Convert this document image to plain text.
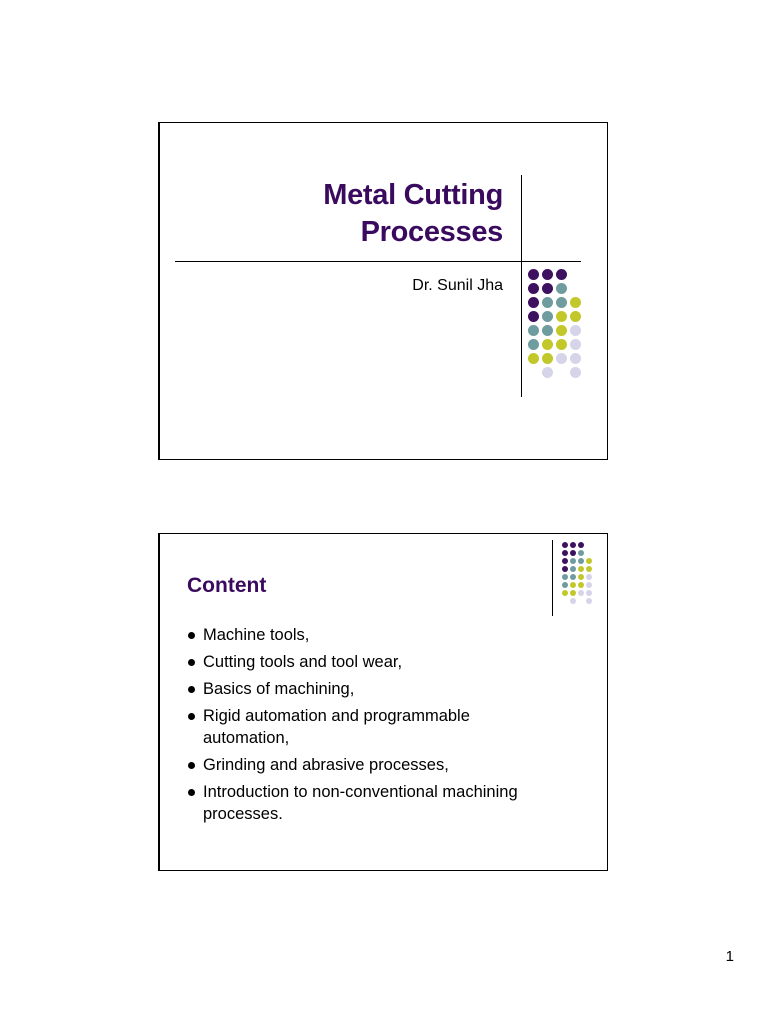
Metal Cutting
Processes
Dr. Sunil Jha
Content
Machine tools,
Cutting tools and tool wear,
Basics of machining,
Rigid automation and programmable automation,
Grinding and abrasive processes,
Introduction to non-conventional machining processes.
1
